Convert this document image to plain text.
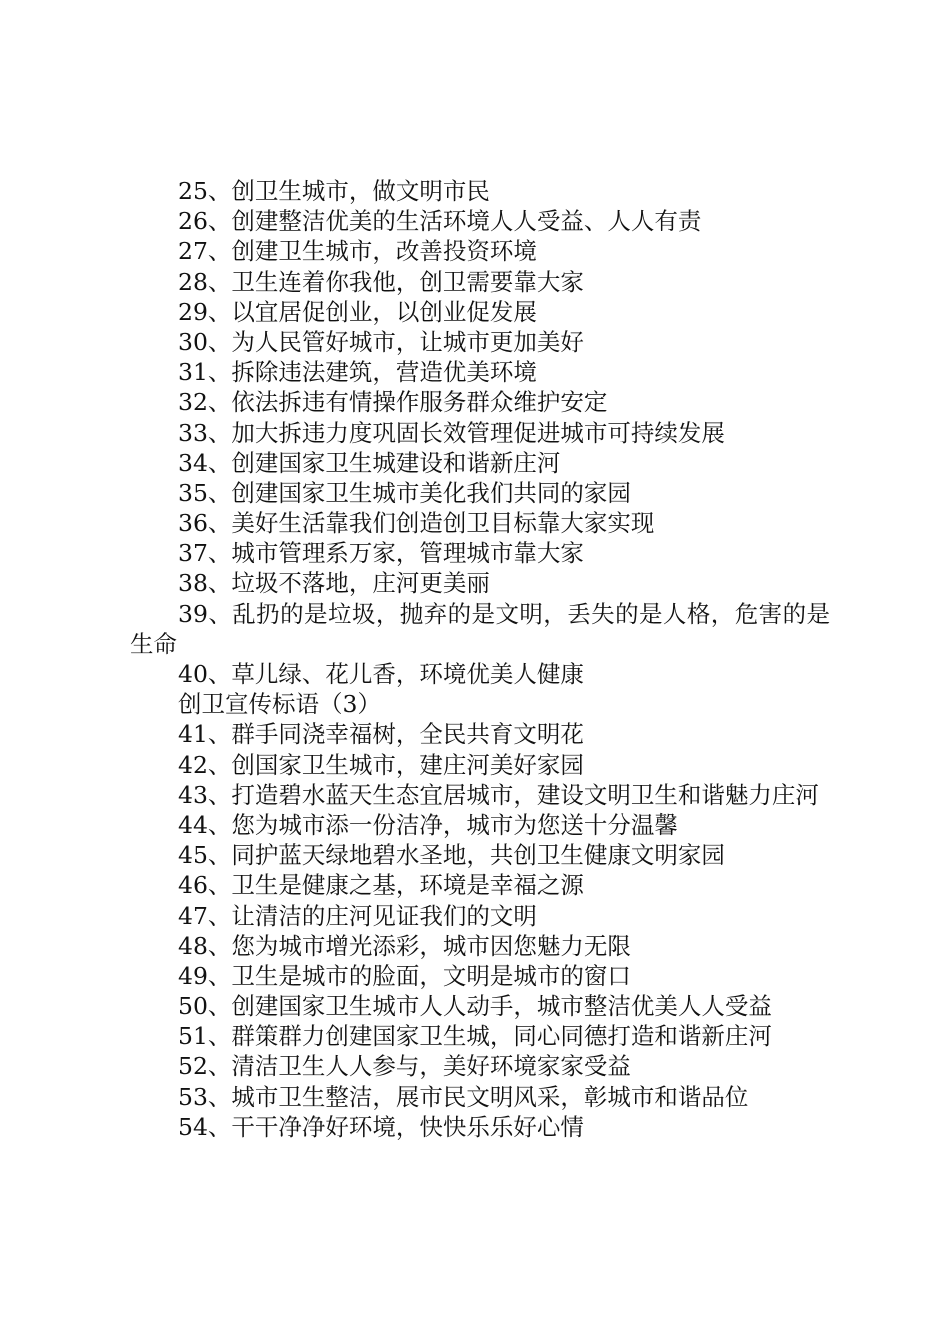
25、创卫生城市，做文明市民
26、创建整洁优美的生活环境人人受益、人人有责
27、创建卫生城市，改善投资环境
28、卫生连着你我他，创卫需要靠大家
29、以宜居促创业，以创业促发展
30、为人民管好城市，让城市更加美好
31、拆除违法建筑，营造优美环境
32、依法拆违有情操作服务群众维护安定
33、加大拆违力度巩固长效管理促进城市可持续发展
34、创建国家卫生城建设和谐新庄河
35、创建国家卫生城市美化我们共同的家园
36、美好生活靠我们创造创卫目标靠大家实现
37、城市管理系万家，管理城市靠大家
38、垃圾不落地，庄河更美丽
39、乱扔的是垃圾，抛弃的是文明，丢失的是人格，危害的是生命
40、草儿绿、花儿香，环境优美人健康
创卫宣传标语（3）
41、群手同浇幸福树，全民共育文明花
42、创国家卫生城市，建庄河美好家园
43、打造碧水蓝天生态宜居城市，建设文明卫生和谐魅力庄河
44、您为城市添一份洁净，城市为您送十分温馨
45、同护蓝天绿地碧水圣地，共创卫生健康文明家园
46、卫生是健康之基，环境是幸福之源
47、让清洁的庄河见证我们的文明
48、您为城市增光添彩，城市因您魅力无限
49、卫生是城市的脸面，文明是城市的窗口
50、创建国家卫生城市人人动手，城市整洁优美人人受益
51、群策群力创建国家卫生城，同心同德打造和谐新庄河
52、清洁卫生人人参与，美好环境家家受益
53、城市卫生整洁，展市民文明风采，彰城市和谐品位
54、干干净净好环境，快快乐乐好心情
